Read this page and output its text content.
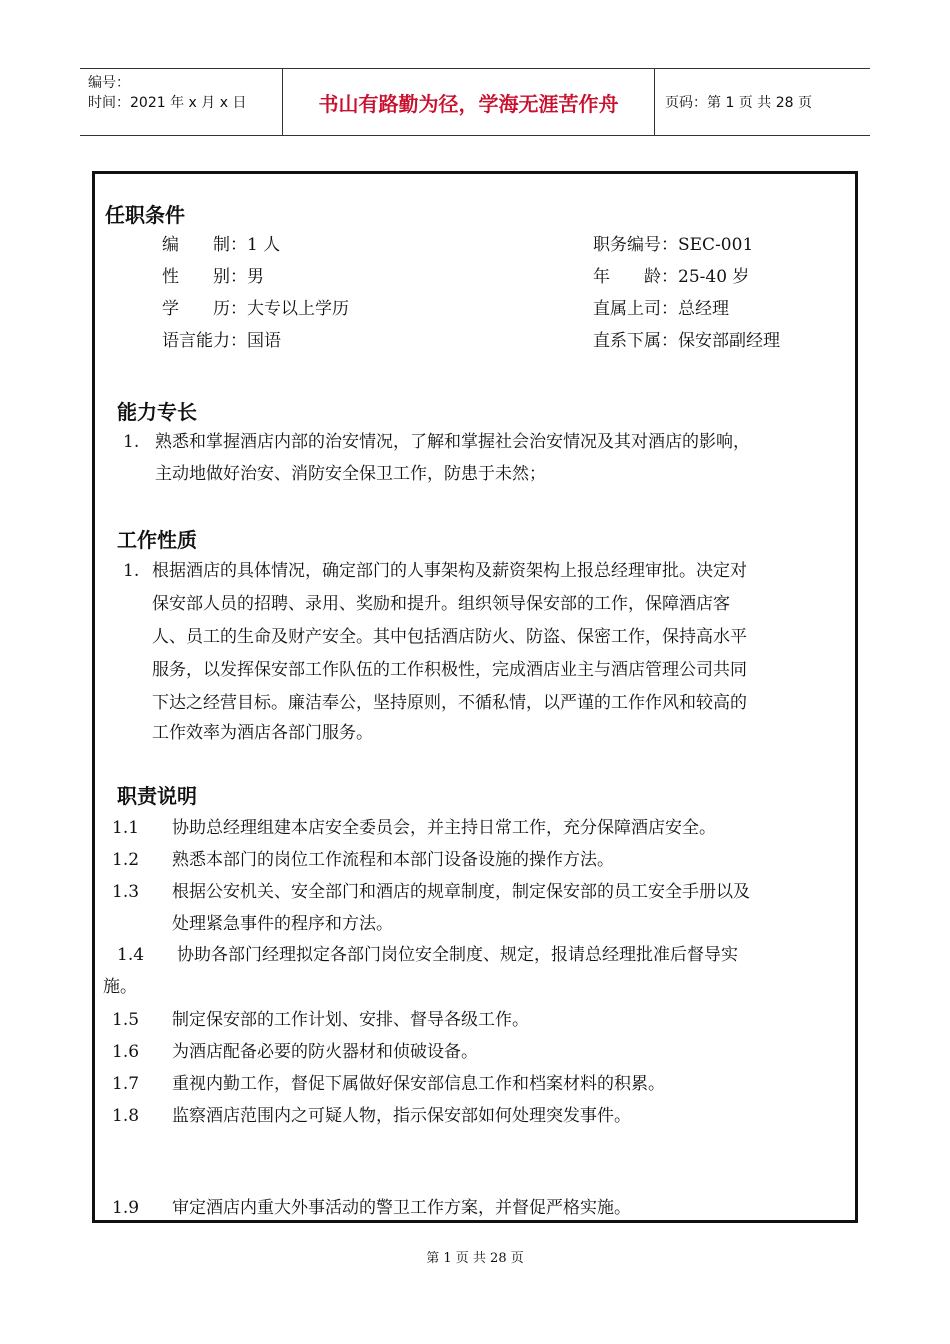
编号：
时间：2021 年 x 月 x 日	书山有路勤为径，学海无涯苦作舟	页码：第 1 页 共 28 页
任职条件
编　　制：1 人
性　　别：男
学　　历：大专以上学历
语言能力：国语
职务编号：SEC-001
年　　龄：25-40 岁
直属上司：总经理
直系下属：保安部副经理
能力专长
1. 熟悉和掌握酒店内部的治安情况，了解和掌握社会治安情况及其对酒店的影响，
主动地做好治安、消防安全保卫工作，防患于未然；
工作性质
1. 根据酒店的具体情况，确定部门的人事架构及薪资架构上报总经理审批。决定对
保安部人员的招聘、录用、奖励和提升。组织领导保安部的工作，保障酒店客
人、员工的生命及财产安全。其中包括酒店防火、防盗、保密工作，保持高水平
服务，以发挥保安部工作队伍的工作积极性，完成酒店业主与酒店管理公司共同
下达之经营目标。廉洁奉公，坚持原则，不循私情，以严谨的工作作风和较高的
工作效率为酒店各部门服务。
职责说明
1.1 协助总经理组建本店安全委员会，并主持日常工作，充分保障酒店安全。
1.2 熟悉本部门的岗位工作流程和本部门设备设施的操作方法。
1.3 根据公安机关、安全部门和酒店的规章制度，制定保安部的员工安全手册以及
处理紧急事件的程序和方法。
1.4 协助各部门经理拟定各部门岗位安全制度、规定，报请总经理批准后督导实
施。
1.5 制定保安部的工作计划、安排、督导各级工作。
1.6 为酒店配备必要的防火器材和侦破设备。
1.7 重视内勤工作，督促下属做好保安部信息工作和档案材料的积累。
1.8 监察酒店范围内之可疑人物，指示保安部如何处理突发事件。
1.9 审定酒店内重大外事活动的警卫工作方案，并督促严格实施。
第 1 页 共 28 页
